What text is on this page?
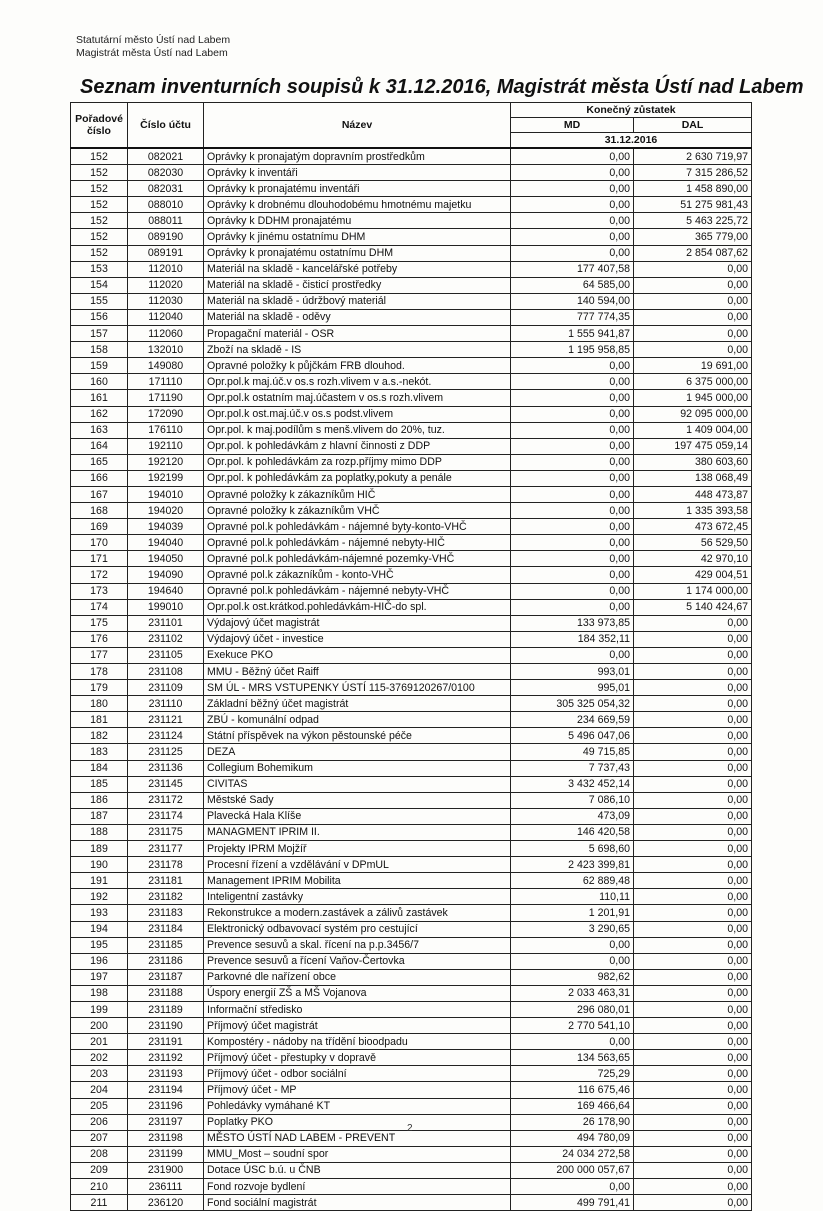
Statutární město Ústí nad Labem
Magistrát města Ústí nad Labem
Seznam inventurních soupisů k 31.12.2016, Magistrát města Ústí nad Labem
Pořadové číslo	Číslo účtu	Název	Konečný zůstatek	
			MD	DAL
			31.12.2016	
152	082021	Oprávky k pronajatým dopravním prostředkům	0,00	2 630 719,97
152	082030	Oprávky k inventáři	0,00	7 315 286,52
152	082031	Oprávky k pronajatému inventáři	0,00	1 458 890,00
152	088010	Oprávky k drobnému dlouhodobému hmotnému majetku	0,00	51 275 981,43
152	088011	Oprávky k DDHM pronajatému	0,00	5 463 225,72
152	089190	Oprávky k jinému ostatnímu DHM	0,00	365 779,00
152	089191	Oprávky k pronajatému ostatnímu DHM	0,00	2 854 087,62
153	112010	Materiál na skladě - kancelářské potřeby	177 407,58	0,00
154	112020	Materiál na skladě - čisticí prostředky	64 585,00	0,00
155	112030	Materiál na skladě - údržbový materiál	140 594,00	0,00
156	112040	Materiál na skladě - oděvy	777 774,35	0,00
157	112060	Propagační materiál - OSR	1 555 941,87	0,00
158	132010	Zboží na skladě - IS	1 195 958,85	0,00
159	149080	Opravné položky k půjčkám FRB dlouhod.	0,00	19 691,00
160	171110	Opr.pol.k maj.úč.v os.s rozh.vlivem v a.s.-nekót.	0,00	6 375 000,00
161	171190	Opr.pol.k ostatním maj.účastem v os.s rozh.vlivem	0,00	1 945 000,00
162	172090	Opr.pol.k ost.maj.úč.v os.s podst.vlivem	0,00	92 095 000,00
163	176110	Opr.pol. k maj.podílům s menš.vlivem do 20%, tuz.	0,00	1 409 004,00
164	192110	Opr.pol. k pohledávkám z hlavní činnosti z DDP	0,00	197 475 059,14
165	192120	Opr.pol. k pohledávkám za rozp.příjmy mimo DDP	0,00	380 603,60
166	192199	Opr.pol. k pohledávkám za poplatky,pokuty a penále	0,00	138 068,49
167	194010	Opravné položky k zákazníkům HIČ	0,00	448 473,87
168	194020	Opravné položky k zákazníkům VHČ	0,00	1 335 393,58
169	194039	Opravné pol.k pohledávkám - nájemné byty-konto-VHČ	0,00	473 672,45
170	194040	Opravné pol.k pohledávkám - nájemné nebyty-HIČ	0,00	56 529,50
171	194050	Opravné pol.k pohledávkám-nájemné pozemky-VHČ	0,00	42 970,10
172	194090	Opravné pol.k zákazníkům - konto-VHČ	0,00	429 004,51
173	194640	Opravné pol.k pohledávkám - nájemné nebyty-VHČ	0,00	1 174 000,00
174	199010	Opr.pol.k ost.krátkod.pohledávkám-HIČ-do spl.	0,00	5 140 424,67
175	231101	Výdajový účet magistrát	133 973,85	0,00
176	231102	Výdajový účet - investice	184 352,11	0,00
177	231105	Exekuce PKO	0,00	0,00
178	231108	MMU - Běžný účet Raiff	993,01	0,00
179	231109	SM ÚL - MRS VSTUPENKY ÚSTÍ 115-3769120267/0100	995,01	0,00
180	231110	Základní běžný účet magistrát	305 325 054,32	0,00
181	231121	ZBÚ - komunální odpad	234 669,59	0,00
182	231124	Státní příspěvek na výkon pěstounské péče	5 496 047,06	0,00
183	231125	DEZA	49 715,85	0,00
184	231136	Collegium Bohemikum	7 737,43	0,00
185	231145	CIVITAS	3 432 452,14	0,00
186	231172	Městské Sady	7 086,10	0,00
187	231174	Plavecká Hala Klíše	473,09	0,00
188	231175	MANAGMENT IPRIM II.	146 420,58	0,00
189	231177	Projekty IPRM Mojžíř	5 698,60	0,00
190	231178	Procesní řízení a vzdělávání v DPmUL	2 423 399,81	0,00
191	231181	Management IPRIM Mobilita	62 889,48	0,00
192	231182	Inteligentní zastávky	110,11	0,00
193	231183	Rekonstrukce a modern.zastávek a zálivů zastávek	1 201,91	0,00
194	231184	Elektronický odbavovací systém pro cestující	3 290,65	0,00
195	231185	Prevence sesuvů a skal. řícení na p.p.3456/7	0,00	0,00
196	231186	Prevence sesuvů a řícení Vaňov-Čertovka	0,00	0,00
197	231187	Parkovné dle nařízení obce	982,62	0,00
198	231188	Úspory energií ZŠ a MŠ Vojanova	2 033 463,31	0,00
199	231189	Informační středisko	296 080,01	0,00
200	231190	Příjmový účet magistrát	2 770 541,10	0,00
201	231191	Kompostéry - nádoby na třídění bioodpadu	0,00	0,00
202	231192	Příjmový účet - přestupky v dopravě	134 563,65	0,00
203	231193	Příjmový účet - odbor sociální	725,29	0,00
204	231194	Příjmový účet - MP	116 675,46	0,00
205	231196	Pohledávky vymáhané KT	169 466,64	0,00
206	231197	Poplatky PKO	26 178,90	0,00
207	231198	MĚSTO ÚSTÍ NAD LABEM - PREVENT	494 780,09	0,00
208	231199	MMU_Most – soudní spor	24 034 272,58	0,00
209	231900	Dotace ÚSC b.ú. u ČNB	200 000 057,67	0,00
210	236111	Fond rozvoje bydlení	0,00	0,00
211	236120	Fond sociální magistrát	499 791,41	0,00
2
